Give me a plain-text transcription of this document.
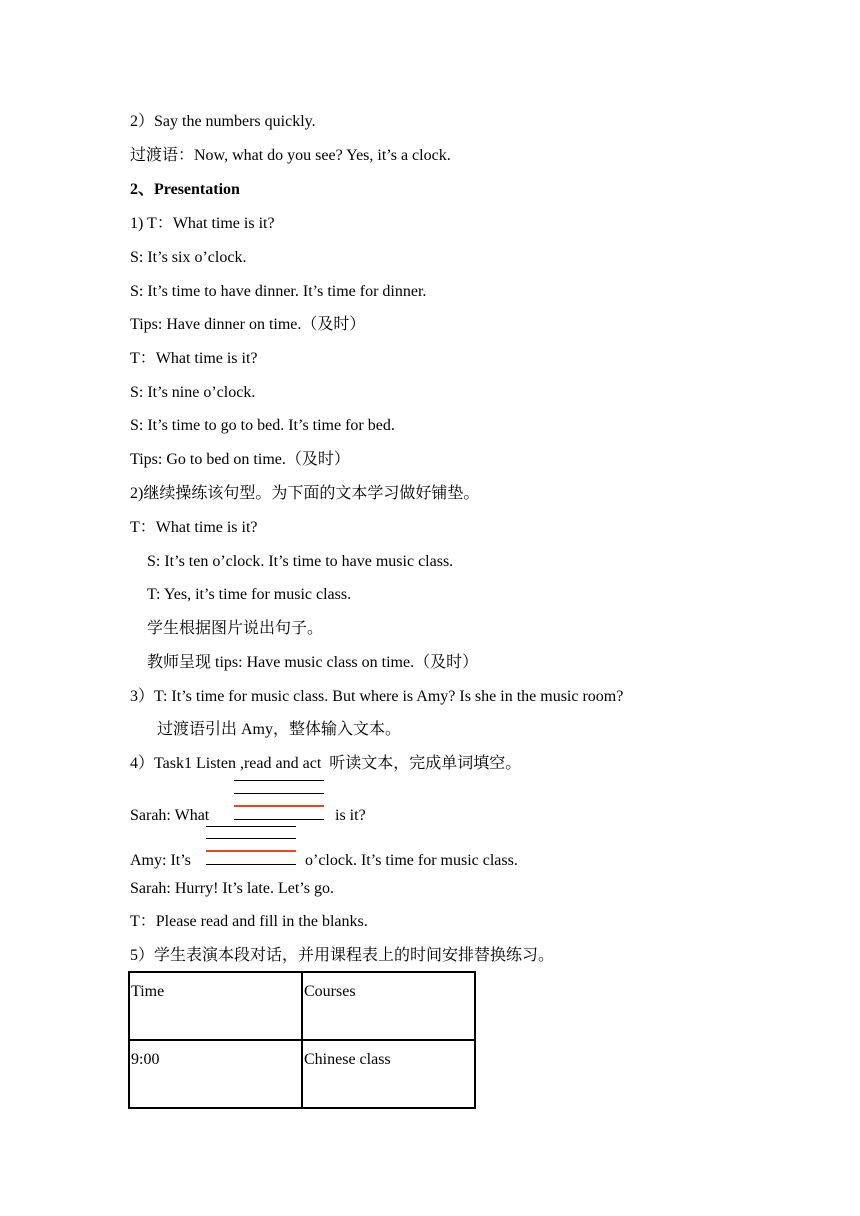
2）Say the numbers quickly.
过渡语：Now, what do you see? Yes, it’s a clock.
2、Presentation
1) T：What time is it?
S: It’s six o’clock.
S: It’s time to have dinner. It’s time for dinner.
Tips: Have dinner on time.（及时）
T：What time is it?
S: It’s nine o’clock.
S: It’s time to go to bed. It’s time for bed.
Tips: Go to bed on time.（及时）
2)继续操练该句型。为下面的文本学习做好铺垫。
T：What time is it?
S: It’s ten o’clock. It’s time to have music class.
T: Yes, it’s time for music class.
学生根据图片说出句子。
教师呈现 tips: Have music class on time.（及时）
3）T: It’s time for music class. But where is Amy? Is she in the music room?
过渡语引出 Amy，整体输入文本。
4）Task1 Listen ,read and act  听读文本，完成单词填空。
Sarah: What	is it?
Amy: It’s	o’clock. It’s time for music class.
Sarah: Hurry! It’s late. Let’s go.
T：Please read and fill in the blanks.
5）学生表演本段对话，并用课程表上的时间安排替换练习。
Time	Courses
9:00	Chinese class
